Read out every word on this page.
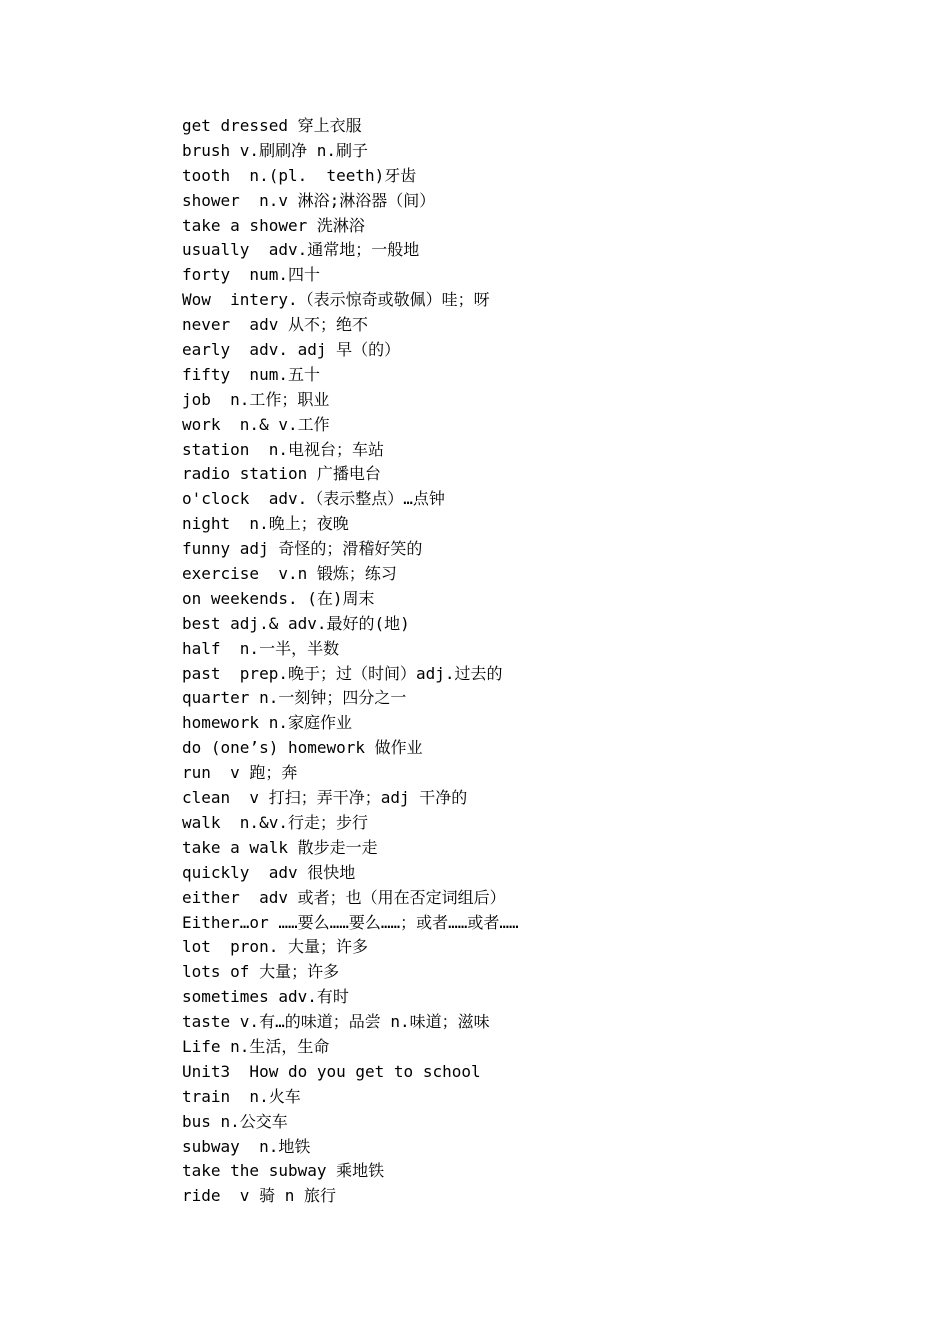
get dressed 穿上衣服
brush v.刷刷净 n.刷子
tooth  n.(pl.  teeth)牙齿
shower  n.v 淋浴;淋浴器（间）
take a shower 洗淋浴
usually  adv.通常地；一般地
forty  num.四十
Wow  intery.（表示惊奇或敬佩）哇；呀
never  adv 从不；绝不
early  adv. adj 早（的）
fifty  num.五十
job  n.工作；职业
work  n.& v.工作
station  n.电视台；车站
radio station 广播电台
o'clock  adv.（表示整点）…点钟
night  n.晚上；夜晚
funny adj 奇怪的；滑稽好笑的
exercise  v.n 锻炼；练习
on weekends. (在)周末
best adj.& adv.最好的(地)
half  n.一半，半数
past  prep.晚于；过（时间）adj.过去的
quarter n.一刻钟；四分之一
homework n.家庭作业
do (one’s) homework 做作业
run  v 跑；奔
clean  v 打扫；弄干净；adj 干净的
walk  n.&v.行走；步行
take a walk 散步走一走
quickly  adv 很快地
either  adv 或者；也（用在否定词组后）
Either…or ……要么……要么……；或者……或者……
lot  pron. 大量；许多
lots of 大量；许多
sometimes adv.有时
taste v.有…的味道；品尝 n.味道；滋味
Life n.生活，生命
Unit3  How do you get to school
train  n.火车
bus n.公交车
subway  n.地铁
take the subway 乘地铁
ride  v 骑 n 旅行
